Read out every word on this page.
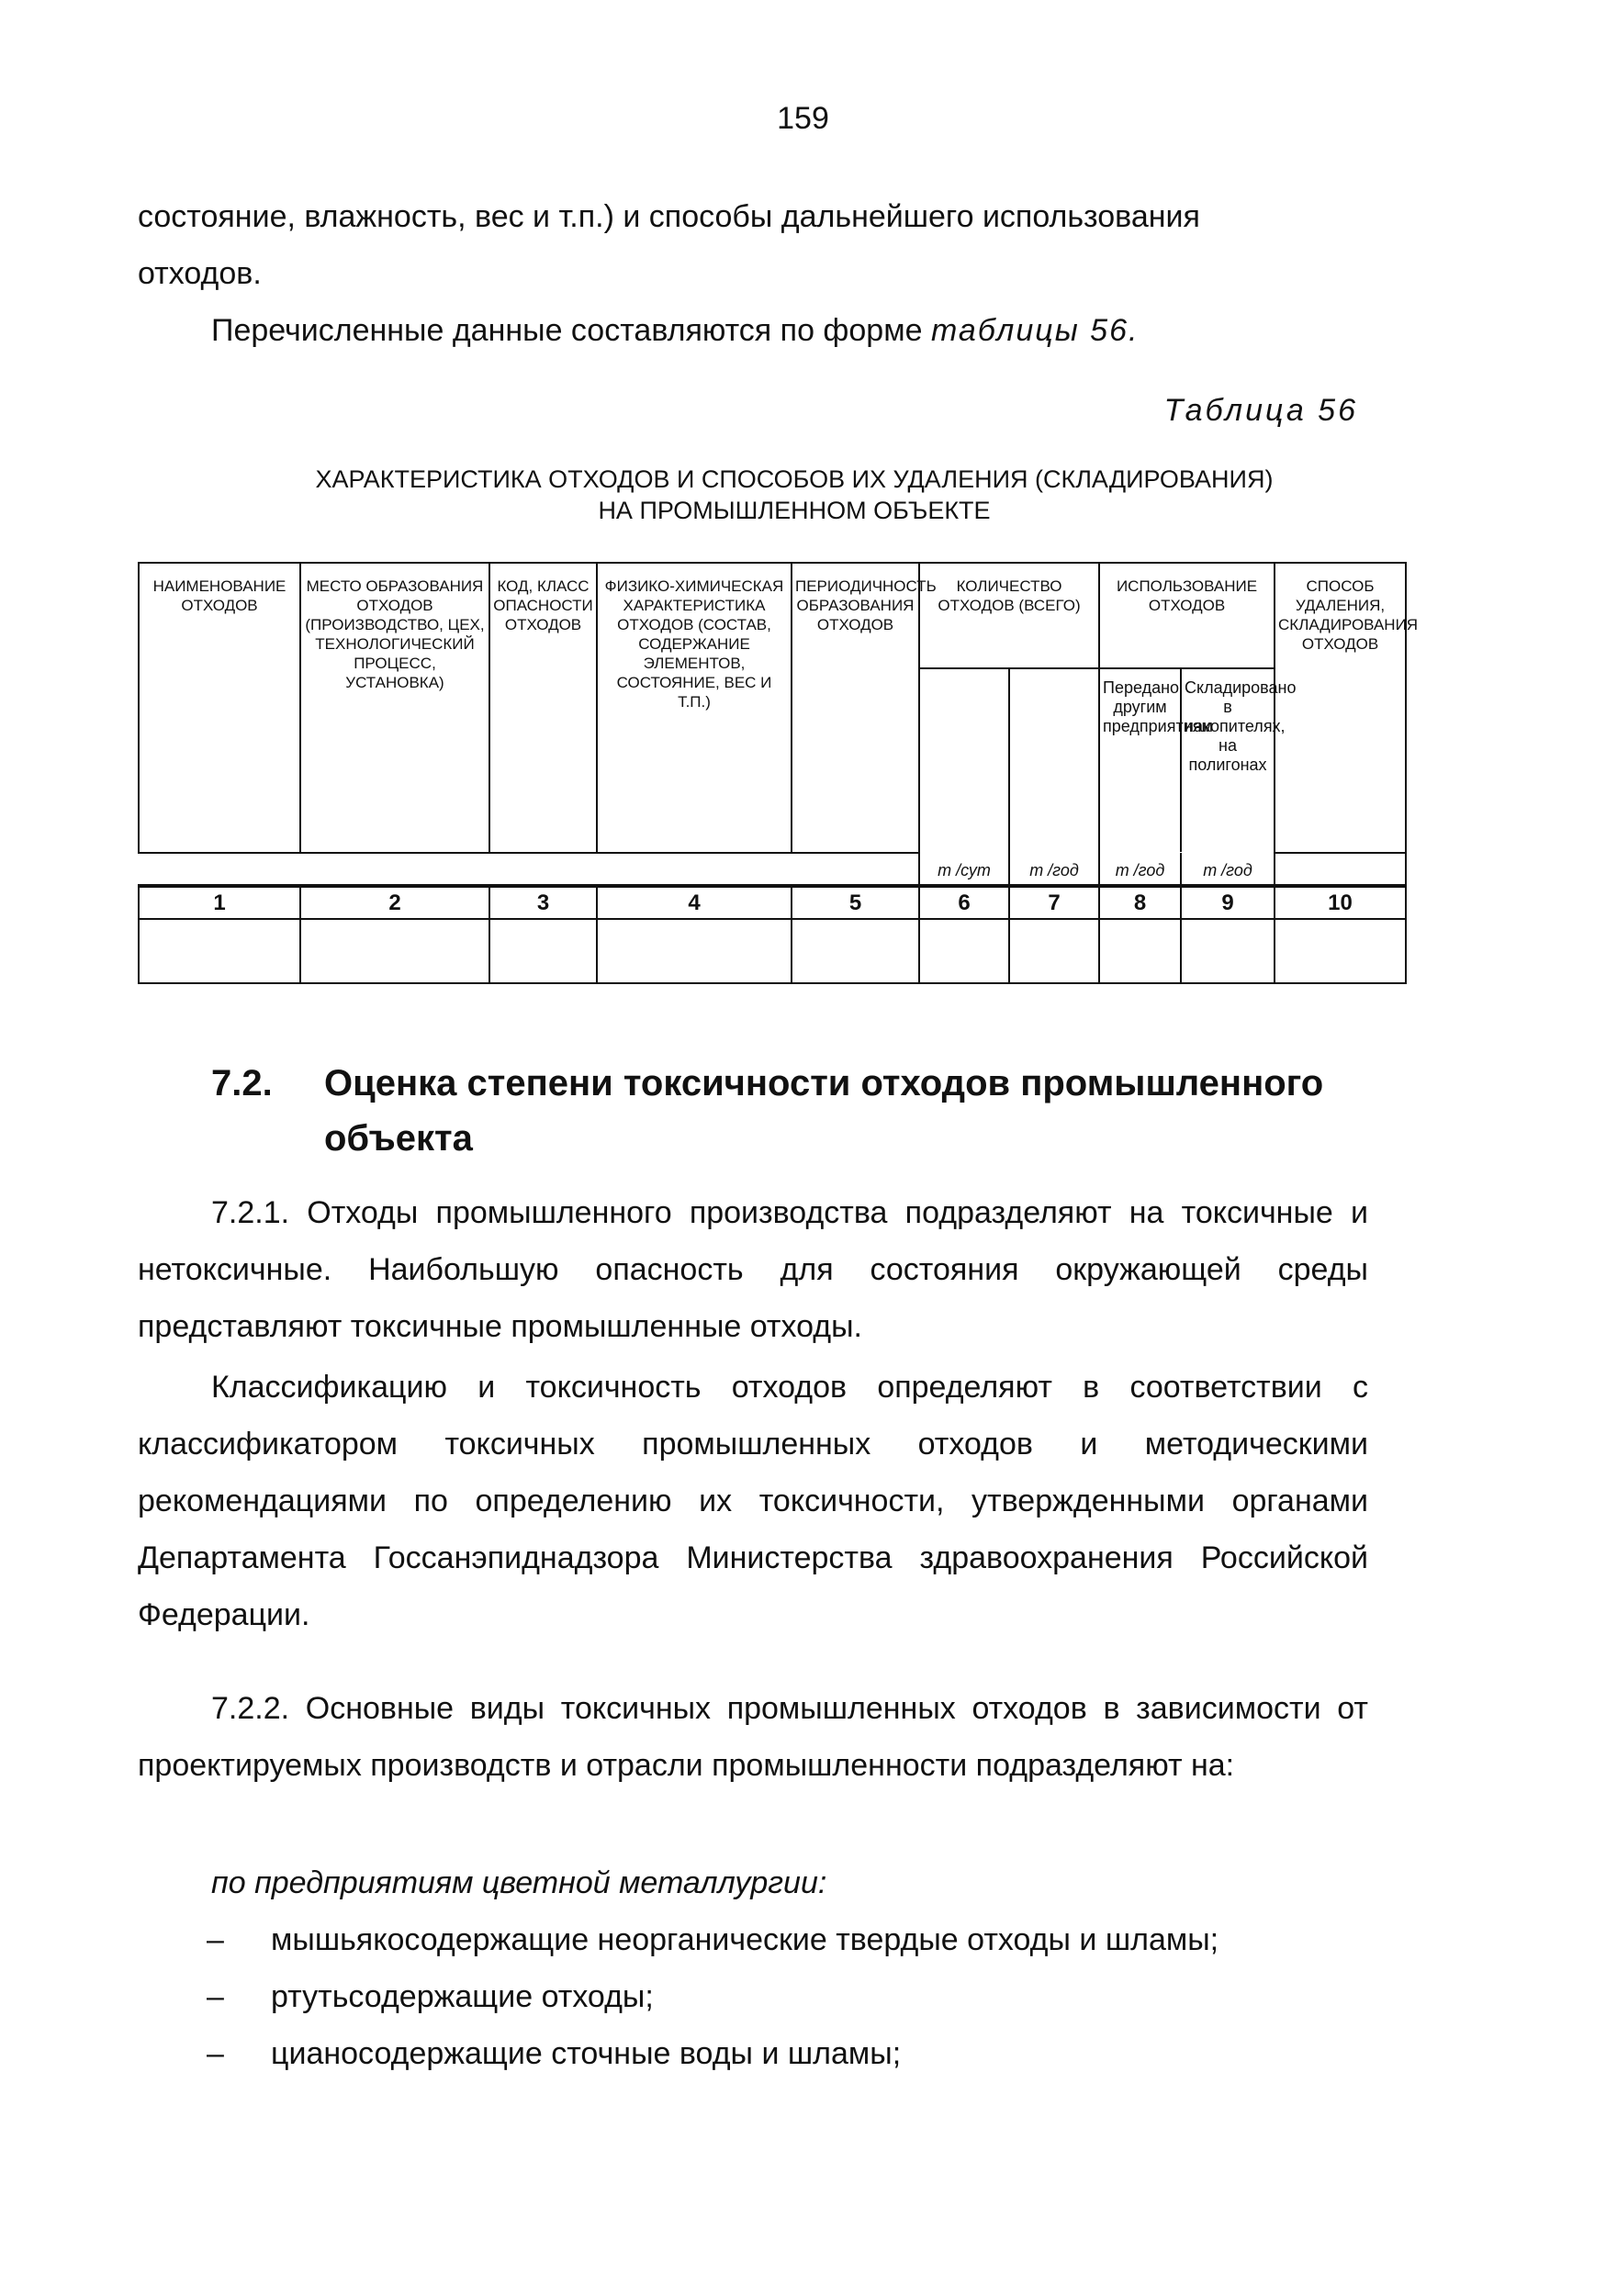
159

состояние, влажность, вес и т.п.) и способы дальнейшего использования

отходов.

Перечисленные данные составляются по форме таблицы 56.

Таблица 56
ХАРАКТЕРИСТИКА ОТХОДОВ И СПОСОБОВ ИХ УДАЛЕНИЯ (СКЛАДИРОВАНИЯ)
НА ПРОМЫШЛЕННОМ ОБЪЕКТЕ
НАИМЕНОВАНИЕ ОТХОДОВ	МЕСТО ОБРАЗОВАНИЯ ОТХОДОВ (ПРОИЗВОДСТВО, ЦЕХ, ТЕХНОЛОГИЧЕСКИЙ ПРОЦЕСС, УСТАНОВКА)	КОД, КЛАСС ОПАСНОСТИ ОТХОДОВ	ФИЗИКО-ХИМИЧЕСКАЯ ХАРАКТЕРИСТИКА ОТХОДОВ (СОСТАВ, СОДЕРЖАНИЕ ЭЛЕМЕНТОВ, СОСТОЯНИЕ, ВЕС И Т.П.)	ПЕРИОДИЧНОСТЬ ОБРАЗОВАНИЯ ОТХОДОВ	КОЛИЧЕСТВО ОТХОДОВ (ВСЕГО)		ИСПОЛЬЗОВАНИЕ ОТХОДОВ		СПОСОБ УДАЛЕНИЯ, СКЛАДИРОВАНИЯ ОТХОДОВ
							Передано другим предприятиям	Складировано в накопителях, на полигонах	

					т /сут	т /год	т /год	т /год	
1	2	3	4	5	6	7	8	9	10

7.2. Оценка степени токсичности отходов промышленного объекта

7.2.1. Отходы промышленного производства подразделяют на токсичные и нетоксичные. Наибольшую опасность для состояния окружающей среды представляют токсичные промышленные отходы.

Классификацию и токсичность отходов определяют в соответствии с классификатором токсичных промышленных отходов и методическими рекомендациями по определению их токсичности, утвержденными органами Департамента Госсанэпиднадзора Министерства здравоохранения Российской Федерации.

7.2.2. Основные виды токсичных промышленных отходов в зависимости от проектируемых производств и отрасли промышленности подразделяют на:

по предприятиям цветной металлургии:

– мышьякосодержащие неорганические твердые отходы и шламы;
– ртутьсодержащие отходы;
– цианосодержащие сточные воды и шламы;
